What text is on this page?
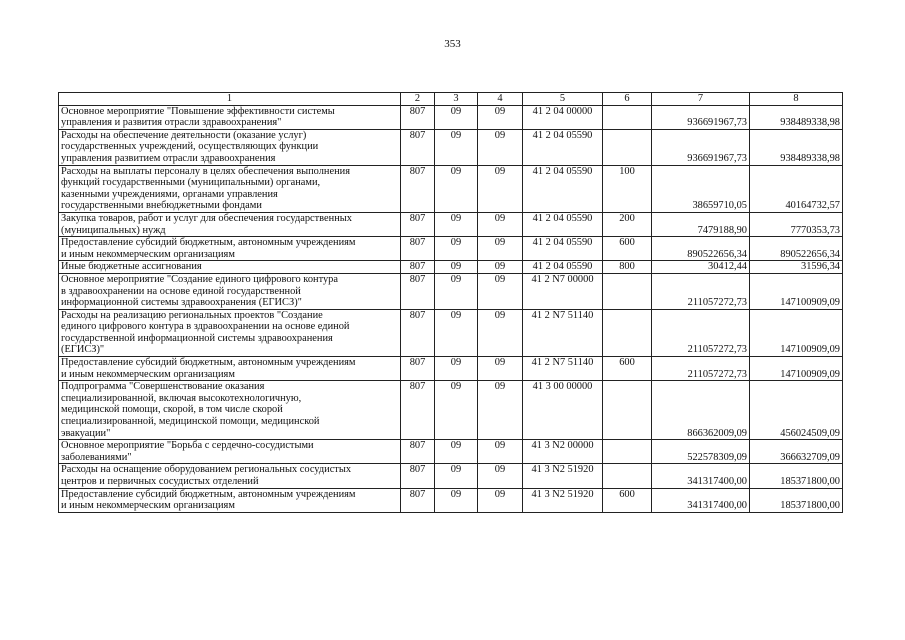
353
1	2	3	4	5	6	7	8
Основное мероприятие "Повышение эффективности системы
управления и развития отрасли здравоохранения"	807	09	09	41 2 04 00000		936691967,73	938489338,98
Расходы на обеспечение деятельности (оказание услуг)
государственных учреждений, осуществляющих функции
управления развитием отрасли здравоохранения	807	09	09	41 2 04 05590		936691967,73	938489338,98
Расходы на выплаты персоналу в целях обеспечения выполнения
функций государственными (муниципальными) органами,
казенными учреждениями, органами управления
государственными внебюджетными фондами	807	09	09	41 2 04 05590	100	38659710,05	40164732,57
Закупка товаров, работ и услуг для обеспечения государственных
(муниципальных) нужд	807	09	09	41 2 04 05590	200	7479188,90	7770353,73
Предоставление субсидий бюджетным, автономным учреждениям
и иным некоммерческим организациям	807	09	09	41 2 04 05590	600	890522656,34	890522656,34
Иные бюджетные ассигнования	807	09	09	41 2 04 05590	800	30412,44	31596,34
Основное мероприятие "Создание единого цифрового контура
в здравоохранении на основе единой государственной
информационной системы здравоохранения (ЕГИСЗ)"	807	09	09	41 2 N7 00000		211057272,73	147100909,09
Расходы на реализацию региональных проектов "Создание
единого цифрового контура в здравоохранении на основе единой
государственной информационной системы здравоохранения
(ЕГИСЗ)"	807	09	09	41 2 N7 51140		211057272,73	147100909,09
Предоставление субсидий бюджетным, автономным учреждениям
и иным некоммерческим организациям	807	09	09	41 2 N7 51140	600	211057272,73	147100909,09
Подпрограмма "Совершенствование оказания
специализированной, включая высокотехнологичную,
медицинской помощи, скорой, в том числе скорой
специализированной, медицинской помощи, медицинской
эвакуации"	807	09	09	41 3 00 00000		866362009,09	456024509,09
Основное мероприятие "Борьба с сердечно-сосудистыми
заболеваниями"	807	09	09	41 3 N2 00000		522578309,09	366632709,09
Расходы на оснащение оборудованием региональных сосудистых
центров и первичных сосудистых отделений	807	09	09	41 3 N2 51920		341317400,00	185371800,00
Предоставление субсидий бюджетным, автономным учреждениям
и иным некоммерческим организациям	807	09	09	41 3 N2 51920	600	341317400,00	185371800,00
